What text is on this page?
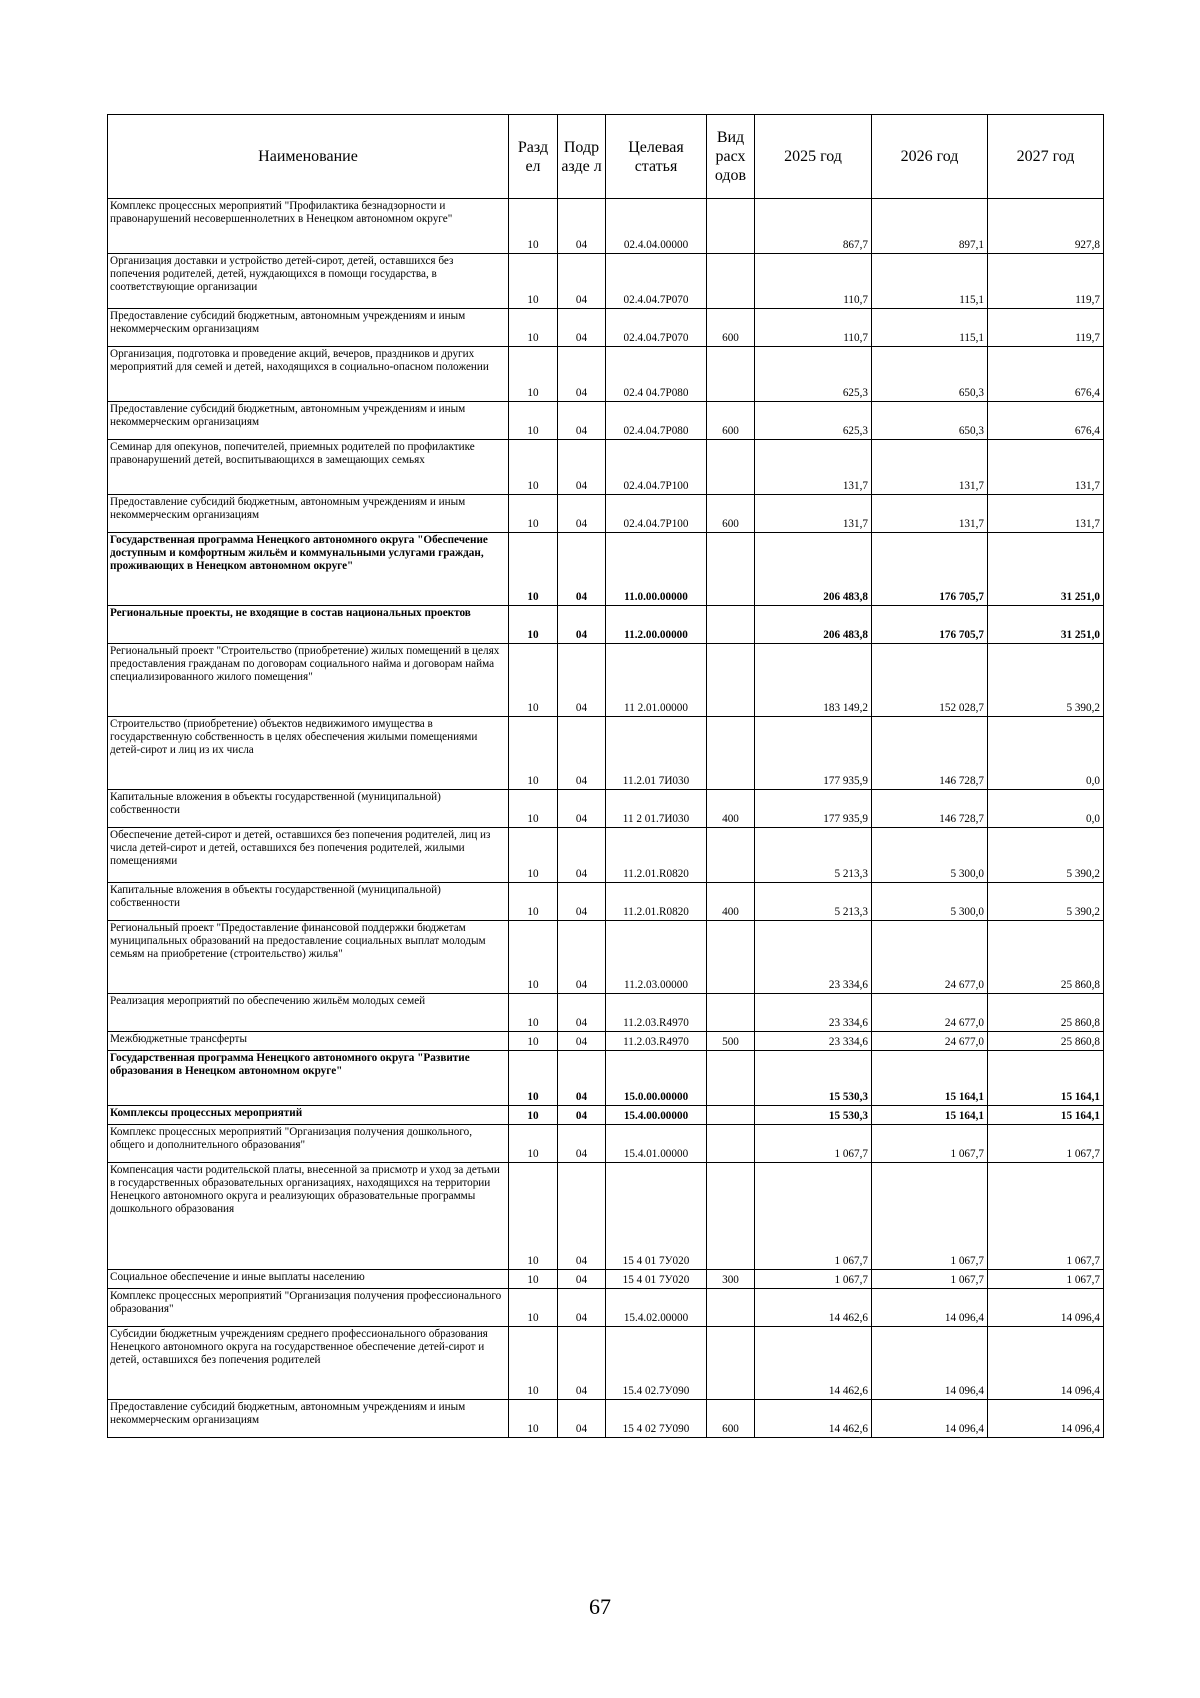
Наименование	Разд ел	Подр азде л	Целевая статья	Вид расх одов	2025 год	2026 год	2027 год
Комплекс процессных мероприятий "Профилактика безнадзорности и правонарушений несовершеннолетних в Ненецком автономном округе"	10	04	02.4.04.00000		867,7	897,1	927,8
Организация доставки и устройство детей-сирот, детей, оставшихся без попечения родителей, детей, нуждающихся в помощи государства, в соответствующие организации	10	04	02.4.04.7Р070		110,7	115,1	119,7
Предоставление субсидий бюджетным, автономным учреждениям и иным некоммерческим организациям	10	04	02.4.04.7Р070	600	110,7	115,1	119,7
Организация, подготовка и проведение акций, вечеров, праздников и других мероприятий для семей и детей, находящихся в социально-опасном положении	10	04	02.4 04.7Р080		625,3	650,3	676,4
Предоставление субсидий бюджетным, автономным учреждениям и иным некоммерческим организациям	10	04	02.4.04.7Р080	600	625,3	650,3	676,4
Семинар для опекунов, попечителей, приемных родителей по профилактике правонарушений детей, воспитывающихся в замещающих семьях	10	04	02.4.04.7Р100		131,7	131,7	131,7
Предоставление субсидий бюджетным, автономным учреждениям и иным некоммерческим организациям	10	04	02.4.04.7Р100	600	131,7	131,7	131,7
Государственная программа Ненецкого автономного округа "Обеспечение доступным и комфортным жильём и коммунальными услугами граждан, проживающих в Ненецком автономном округе"	10	04	11.0.00.00000		206 483,8	176 705,7	31 251,0
Региональные проекты, не входящие в состав национальных проектов	10	04	11.2.00.00000		206 483,8	176 705,7	31 251,0
Региональный проект "Строительство (приобретение) жилых помещений в целях предоставления гражданам по договорам социального найма и договорам найма специализированного жилого помещения"	10	04	11 2.01.00000		183 149,2	152 028,7	5 390,2
Строительство (приобретение) объектов недвижимого имущества в государственную собственность в целях обеспечения жилыми помещениями детей-сирот и лиц из их числа	10	04	11.2.01 7И030		177 935,9	146 728,7	0,0
Капитальные вложения в объекты государственной (муниципальной) собственности	10	04	11 2 01.7И030	400	177 935,9	146 728,7	0,0
Обеспечение детей-сирот и детей, оставшихся без попечения родителей, лиц из числа детей-сирот и детей, оставшихся без попечения родителей, жилыми помещениями	10	04	11.2.01.R0820		5 213,3	5 300,0	5 390,2
Капитальные вложения в объекты государственной (муниципальной) собственности	10	04	11.2.01.R0820	400	5 213,3	5 300,0	5 390,2
Региональный проект "Предоставление финансовой поддержки бюджетам муниципальных образований на предоставление социальных выплат молодым семьям на приобретение (строительство) жилья"	10	04	11.2.03.00000		23 334,6	24 677,0	25 860,8
Реализация мероприятий по обеспечению жильём молодых семей	10	04	11.2.03.R4970		23 334,6	24 677,0	25 860,8
Межбюджетные трансферты	10	04	11.2.03.R4970	500	23 334,6	24 677,0	25 860,8
Государственная программа Ненецкого автономного округа "Развитие образования в Ненецком автономном округе"	10	04	15.0.00.00000		15 530,3	15 164,1	15 164,1
Комплексы процессных мероприятий	10	04	15.4.00.00000		15 530,3	15 164,1	15 164,1
Комплекс процессных мероприятий "Организация получения дошкольного, общего и дополнительного образования"	10	04	15.4.01.00000		1 067,7	1 067,7	1 067,7
Компенсация части родительской платы, внесенной за присмотр и уход за детьми в государственных образовательных организациях, находящихся на территории Ненецкого автономного округа и реализующих образовательные программы дошкольного образования	10	04	15 4 01 7У020		1 067,7	1 067,7	1 067,7
Социальное обеспечение и иные выплаты населению	10	04	15 4 01 7У020	300	1 067,7	1 067,7	1 067,7
Комплекс процессных мероприятий "Организация получения профессионального образования"	10	04	15.4.02.00000		14 462,6	14 096,4	14 096,4
Субсидии бюджетным учреждениям среднего профессионального образования Ненецкого автономного округа на государственное обеспечение детей-сирот и детей, оставшихся без попечения родителей	10	04	15.4 02.7У090		14 462,6	14 096,4	14 096,4
Предоставление субсидий бюджетным, автономным учреждениям и иным некоммерческим организациям	10	04	15 4 02 7У090	600	14 462,6	14 096,4	14 096,4
67
